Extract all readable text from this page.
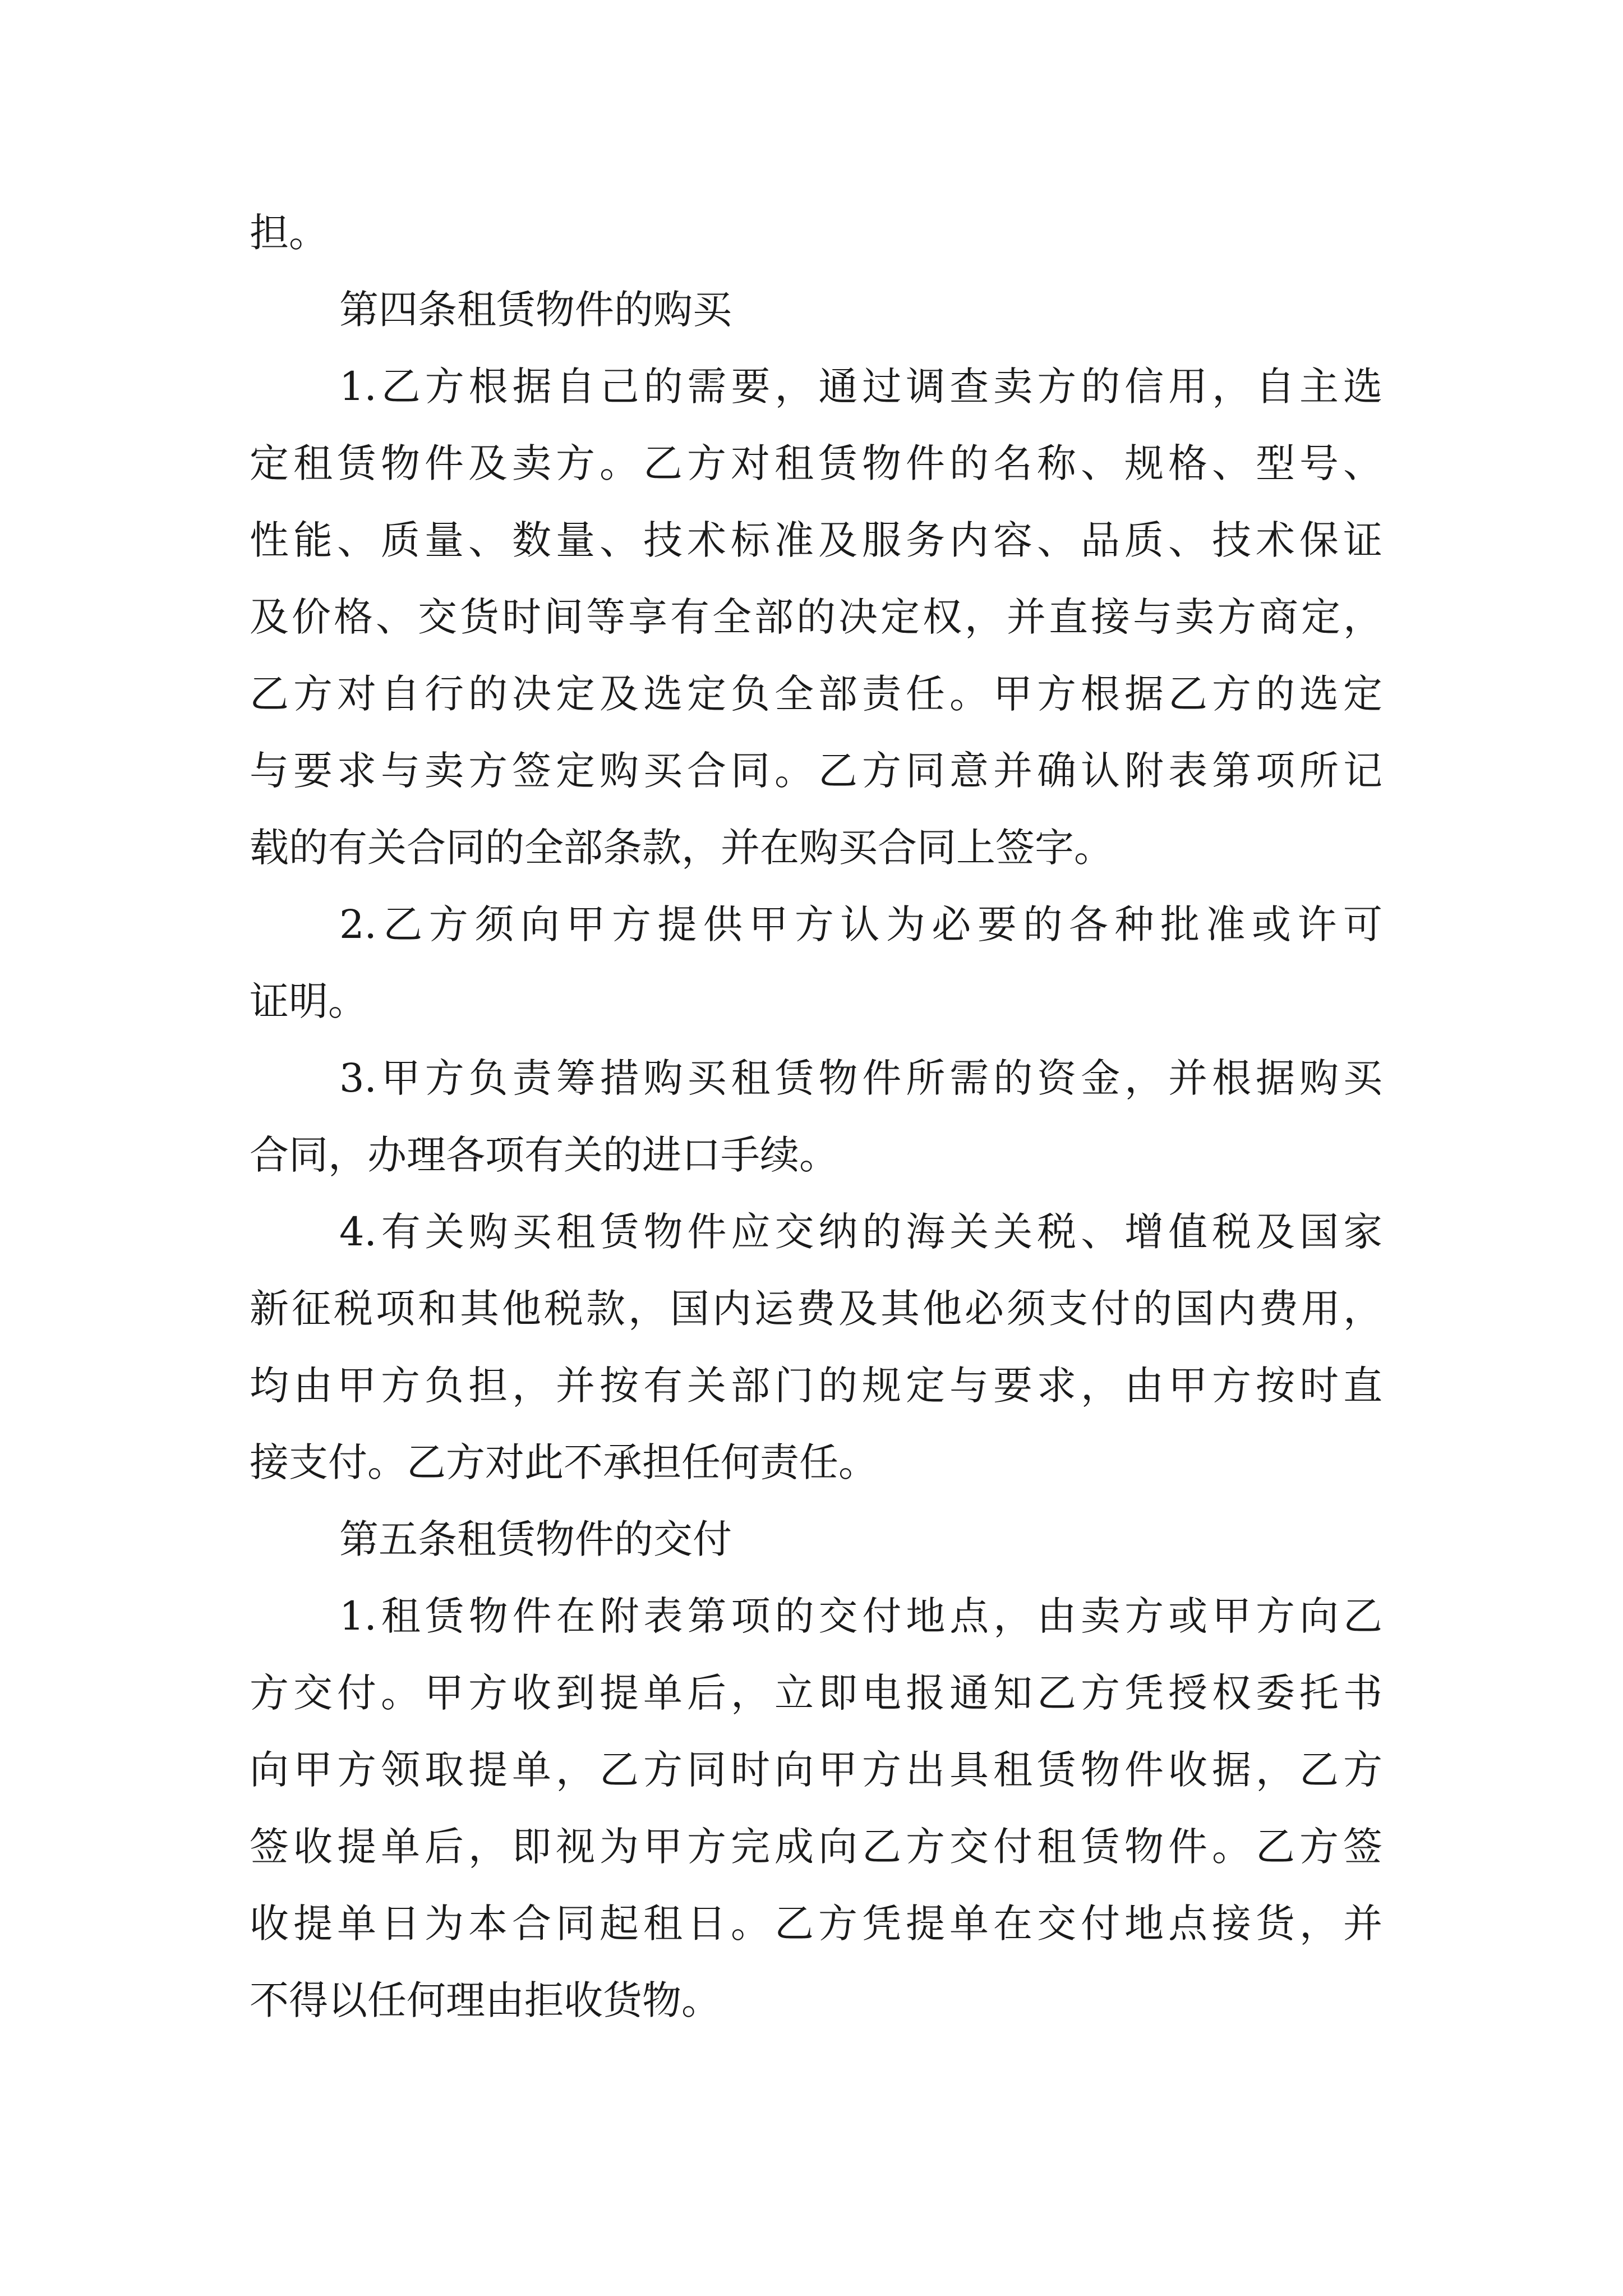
担。

第四条租赁物件的购买

1.乙方根据自己的需要，通过调查卖方的信用，自主选

定租赁物件及卖方。乙方对租赁物件的名称、规格、型号、

性能、质量、数量、技术标准及服务内容、品质、技术保证

及价格、交货时间等享有全部的决定权，并直接与卖方商定，

乙方对自行的决定及选定负全部责任。甲方根据乙方的选定

与要求与卖方签定购买合同。乙方同意并确认附表第项所记

载的有关合同的全部条款，并在购买合同上签字。

2.乙方须向甲方提供甲方认为必要的各种批准或许可

证明。

3.甲方负责筹措购买租赁物件所需的资金，并根据购买

合同，办理各项有关的进口手续。

4.有关购买租赁物件应交纳的海关关税、增值税及国家

新征税项和其他税款，国内运费及其他必须支付的国内费用，

均由甲方负担，并按有关部门的规定与要求，由甲方按时直

接支付。乙方对此不承担任何责任。

第五条租赁物件的交付

1.租赁物件在附表第项的交付地点，由卖方或甲方向乙

方交付。甲方收到提单后，立即电报通知乙方凭授权委托书

向甲方领取提单，乙方同时向甲方出具租赁物件收据，乙方

签收提单后，即视为甲方完成向乙方交付租赁物件。乙方签

收提单日为本合同起租日。乙方凭提单在交付地点接货，并

不得以任何理由拒收货物。
